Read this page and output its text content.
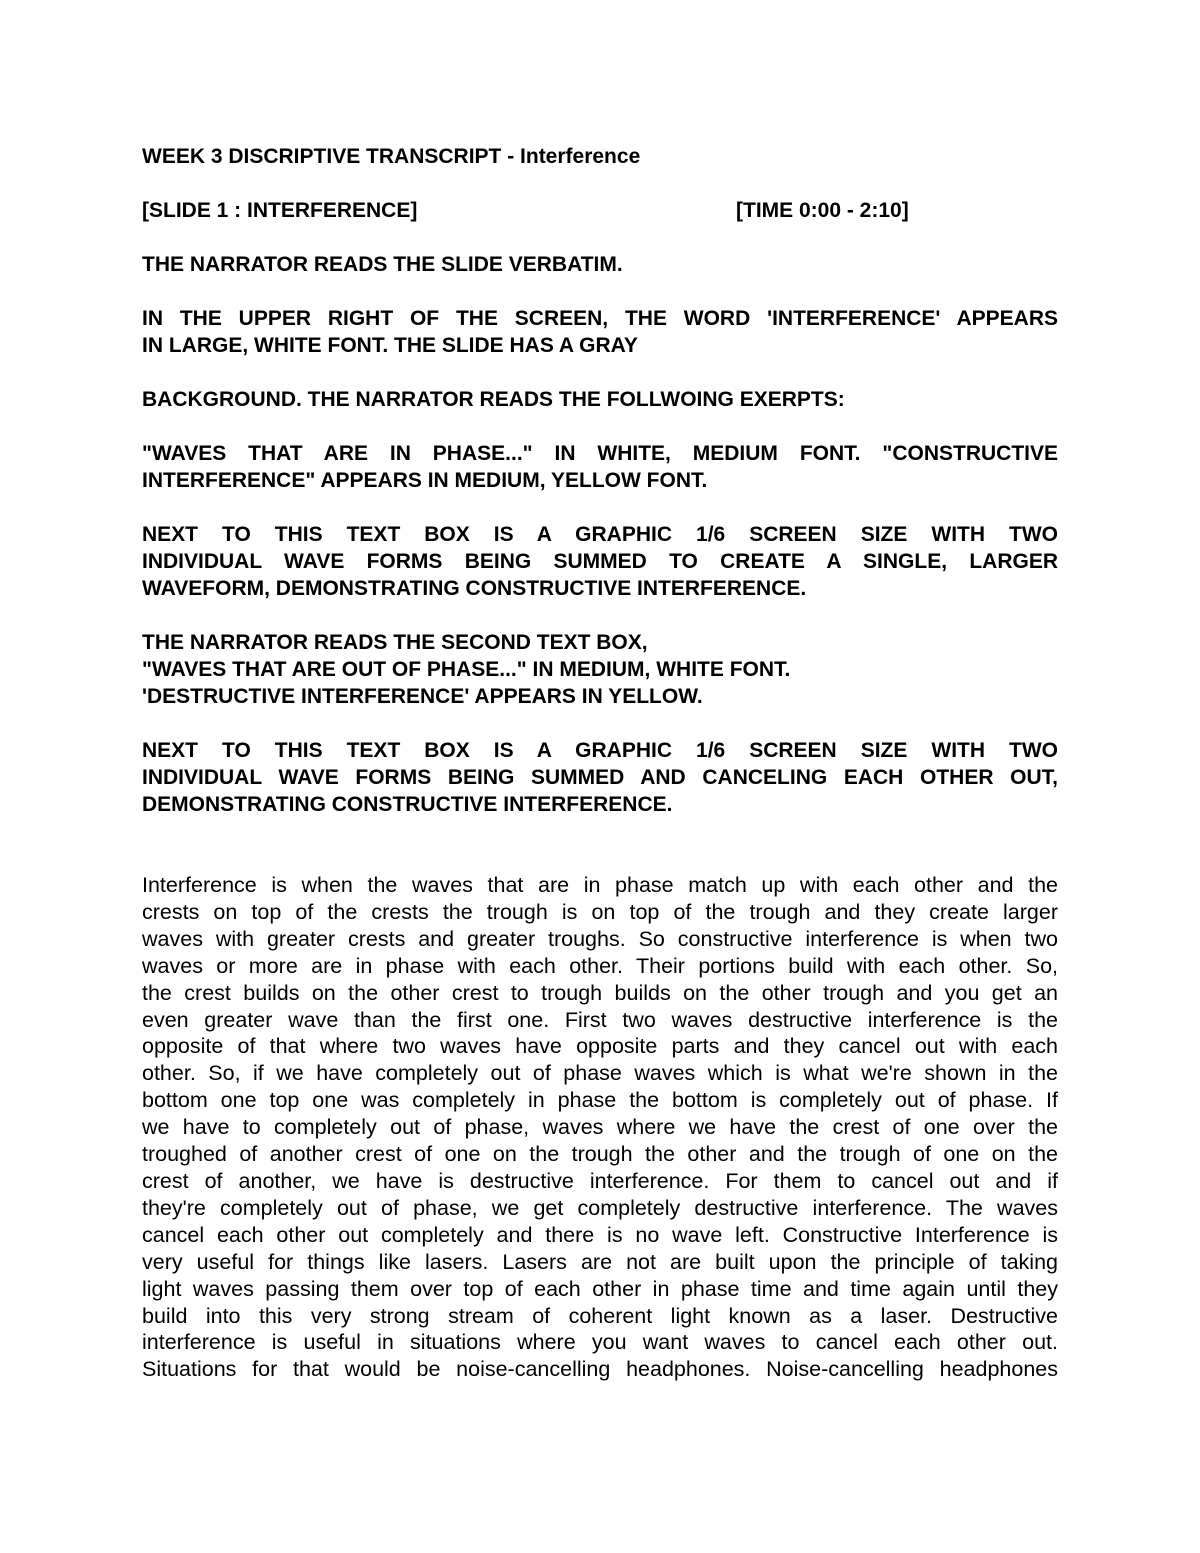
WEEK 3 DISCRIPTIVE TRANSCRIPT - Interference
[SLIDE 1 : INTERFERENCE]	[TIME 0:00 - 2:10]
THE NARRATOR READS THE SLIDE VERBATIM.
IN THE UPPER RIGHT OF THE SCREEN, THE WORD 'INTERFERENCE' APPEARS
IN LARGE, WHITE FONT. THE SLIDE HAS A GRAY
BACKGROUND. THE NARRATOR READS THE FOLLWOING EXERPTS:
"WAVES THAT ARE IN PHASE..." IN WHITE, MEDIUM FONT. "CONSTRUCTIVE
INTERFERENCE" APPEARS IN MEDIUM, YELLOW FONT.
NEXT TO THIS TEXT BOX IS A GRAPHIC 1/6 SCREEN SIZE WITH TWO
INDIVIDUAL WAVE FORMS BEING SUMMED TO CREATE A SINGLE, LARGER
WAVEFORM, DEMONSTRATING CONSTRUCTIVE INTERFERENCE.
THE NARRATOR READS THE SECOND TEXT BOX,
"WAVES THAT ARE OUT OF PHASE..." IN MEDIUM, WHITE FONT.
'DESTRUCTIVE INTERFERENCE' APPEARS IN YELLOW.
NEXT TO THIS TEXT BOX IS A GRAPHIC 1/6 SCREEN SIZE WITH TWO
INDIVIDUAL WAVE FORMS BEING SUMMED AND CANCELING EACH OTHER OUT,
DEMONSTRATING CONSTRUCTIVE INTERFERENCE.
Interference is when the waves that are in phase match up with each other and the
crests on top of the crests the trough is on top of the trough and they create larger
waves with greater crests and greater troughs. So constructive interference is when two
waves or more are in phase with each other. Their portions build with each other. So,
the crest builds on the other crest to trough builds on the other trough and you get an
even greater wave than the first one. First two waves destructive interference is the
opposite of that where two waves have opposite parts and they cancel out with each
other. So, if we have completely out of phase waves which is what we're shown in the
bottom one top one was completely in phase the bottom is completely out of phase. If
we have to completely out of phase, waves where we have the crest of one over the
troughed of another crest of one on the trough the other and the trough of one on the
crest of another, we have is destructive interference. For them to cancel out and if
they're completely out of phase, we get completely destructive interference. The waves
cancel each other out completely and there is no wave left. Constructive Interference is
very useful for things like lasers. Lasers are not are built upon the principle of taking
light waves passing them over top of each other in phase time and time again until they
build into this very strong stream of coherent light known as a laser. Destructive
interference is useful in situations where you want waves to cancel each other out.
Situations for that would be noise-cancelling headphones. Noise-cancelling headphones
